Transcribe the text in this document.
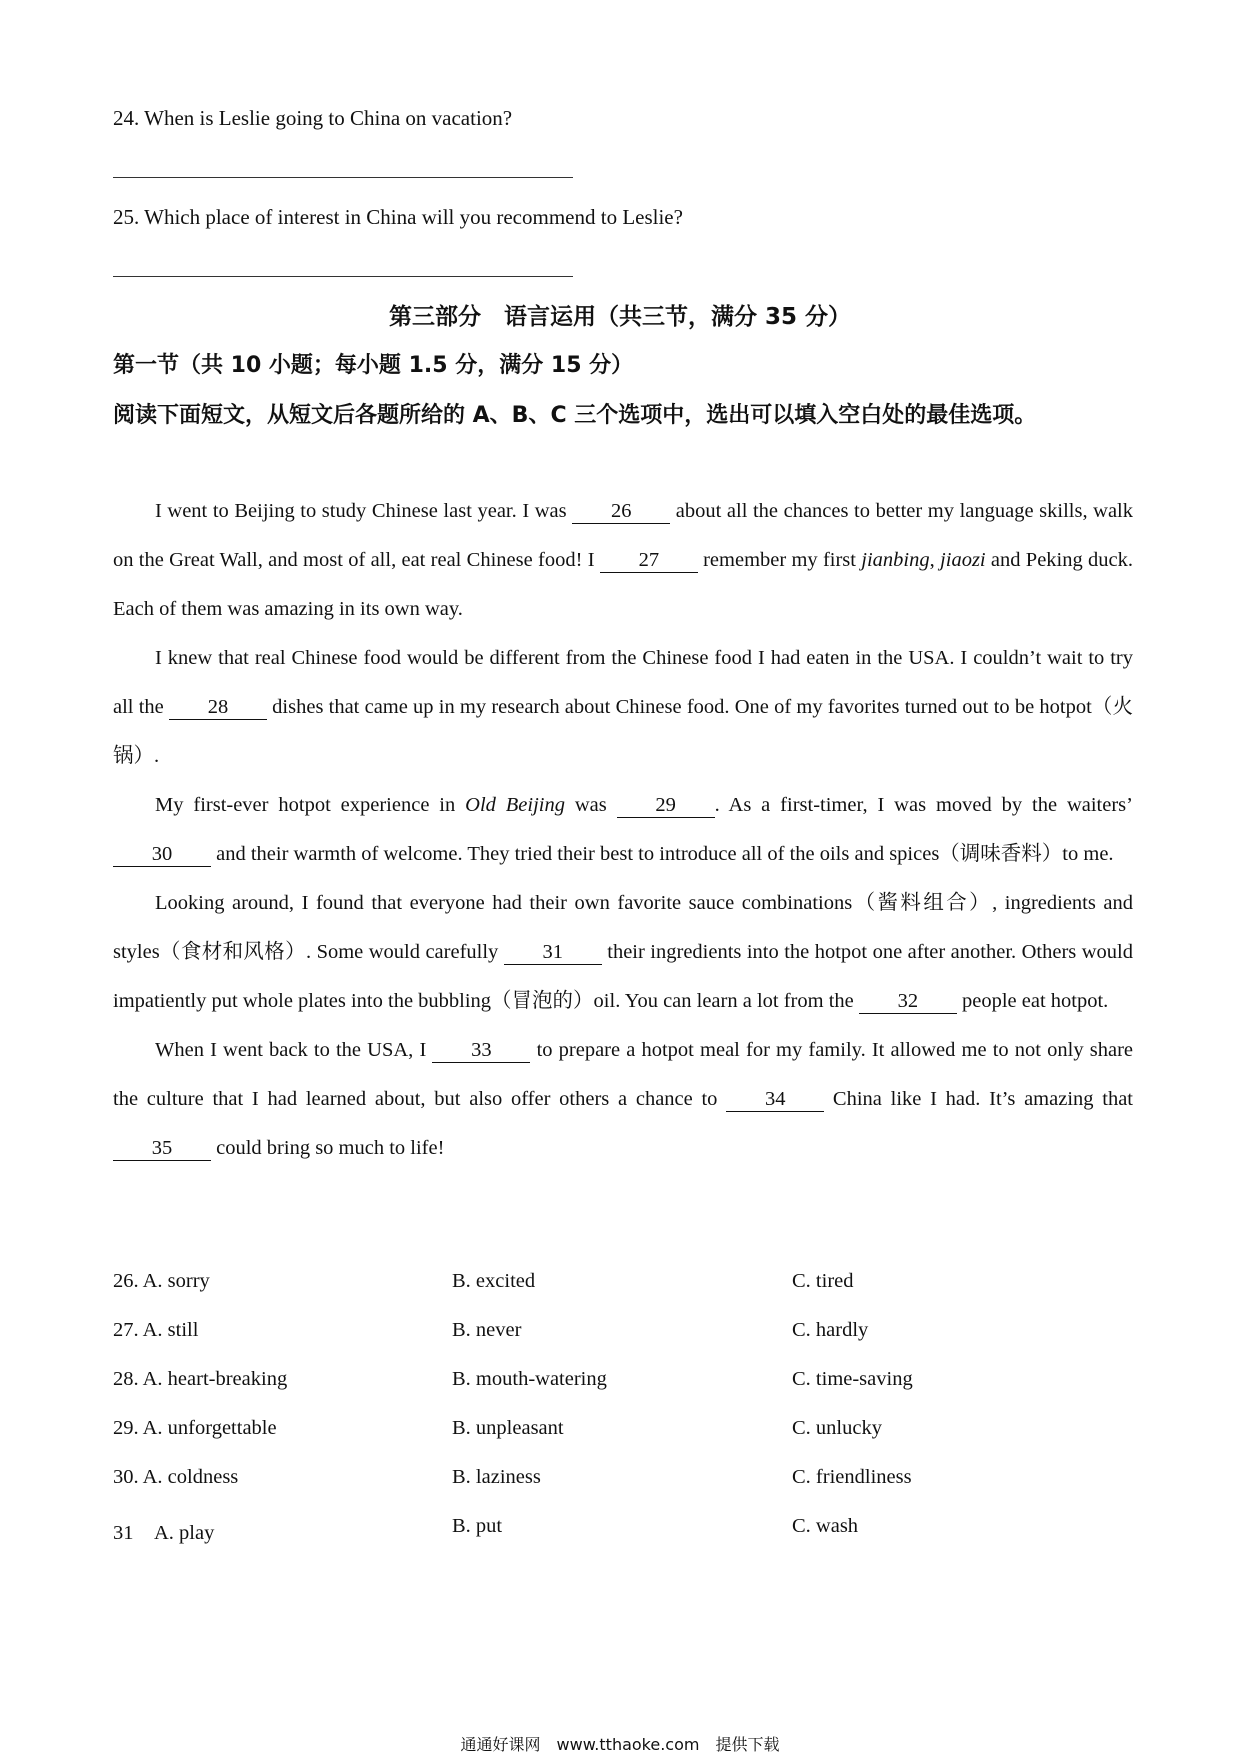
24. When is Leslie going to China on vacation?
25. Which place of interest in China will you recommend to Leslie?
第三部分　语言运用（共三节，满分 35 分）
第一节（共 10 小题；每小题 1.5 分，满分 15 分）
阅读下面短文，从短文后各题所给的 A、B、C 三个选项中，选出可以填入空白处的最佳选项。

I went to Beijing to study Chinese last year. I was 26 about all the chances to better my language skills, walk on the Great Wall, and most of all, eat real Chinese food! I 27 remember my first jianbing, jiaozi and Peking duck. Each of them was amazing in its own way.

I knew that real Chinese food would be different from the Chinese food I had eaten in the USA. I couldn’t wait to try all the 28 dishes that came up in my research about Chinese food. One of my favorites turned out to be hotpot（火锅）.

My first-ever hotpot experience in Old Beijing was 29 . As a first-timer, I was moved by the waiters’ 30 and their warmth of welcome. They tried their best to introduce all of the oils and spices（调味香料）to me.

Looking around, I found that everyone had their own favorite sauce combinations（酱料组合）, ingredients and styles（食材和风格）. Some would carefully 31 their ingredients into the hotpot one after another. Others would impatiently put whole plates into the bubbling（冒泡的）oil. You can learn a lot from the 32 people eat hotpot.

When I went back to the USA, I 33 to prepare a hotpot meal for my family. It allowed me to not only share the culture that I had learned about, but also offer others a chance to 34 China like I had. It’s amazing that 35 could bring so much to life!

26. A. sorry	B. excited	C. tired
27. A. still	B. never	C. hardly
28. A. heart-breaking	B. mouth-watering	C. time-saving
29. A. unforgettable	B. unpleasant	C. unlucky
30. A. coldness	B. laziness	C. friendliness
31　A. play	B. put	C. wash
通通好课网　www.tthaoke.com　提供下载
